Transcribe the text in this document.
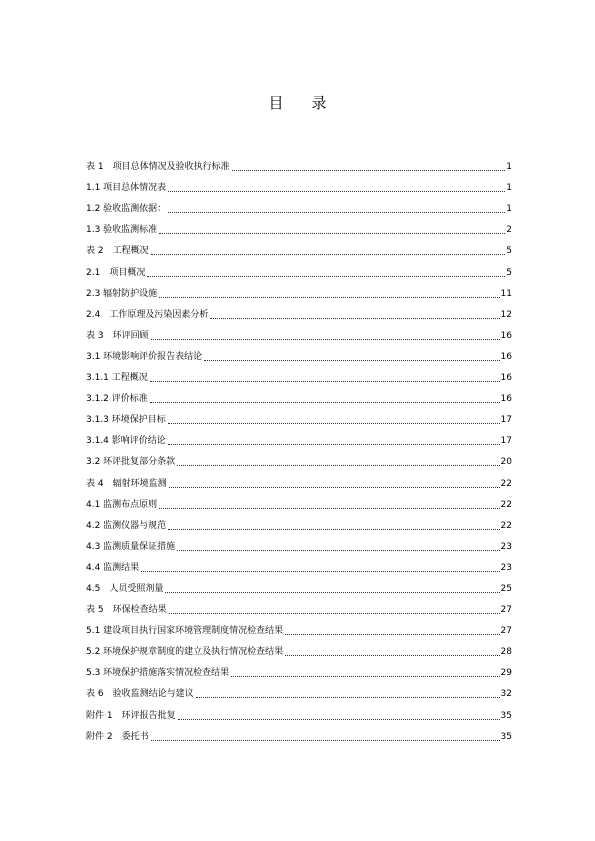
目 录
表 1　项目总体情况及验收执行标准	1
1.1 项目总体情况表	1
1.2 验收监测依据：	1
1.3 验收监测标准	2
表 2　工程概况	5
2.1　项目概况	5
2.3 辐射防护设施	11
2.4　工作原理及污染因素分析	12
表 3　环评回顾	16
3.1 环境影响评价报告表结论	16
3.1.1 工程概况	16
3.1.2 评价标准	16
3.1.3 环境保护目标	17
3.1.4 影响评价结论	17
3.2 环评批复部分条款	20
表 4　辐射环境监测	22
4.1 监测布点原则	22
4.2 监测仪器与规范	22
4.3 监测质量保证措施	23
4.4 监测结果	23
4.5　人员受照剂量	25
表 5　环保检查结果	27
5.1 建设项目执行国家环境管理制度情况检查结果	27
5.2 环境保护规章制度的建立及执行情况检查结果	28
5.3 环境保护措施落实情况检查结果	29
表 6　验收监测结论与建议	32
附件 1　环评报告批复	35
附件 2　委托书	35
